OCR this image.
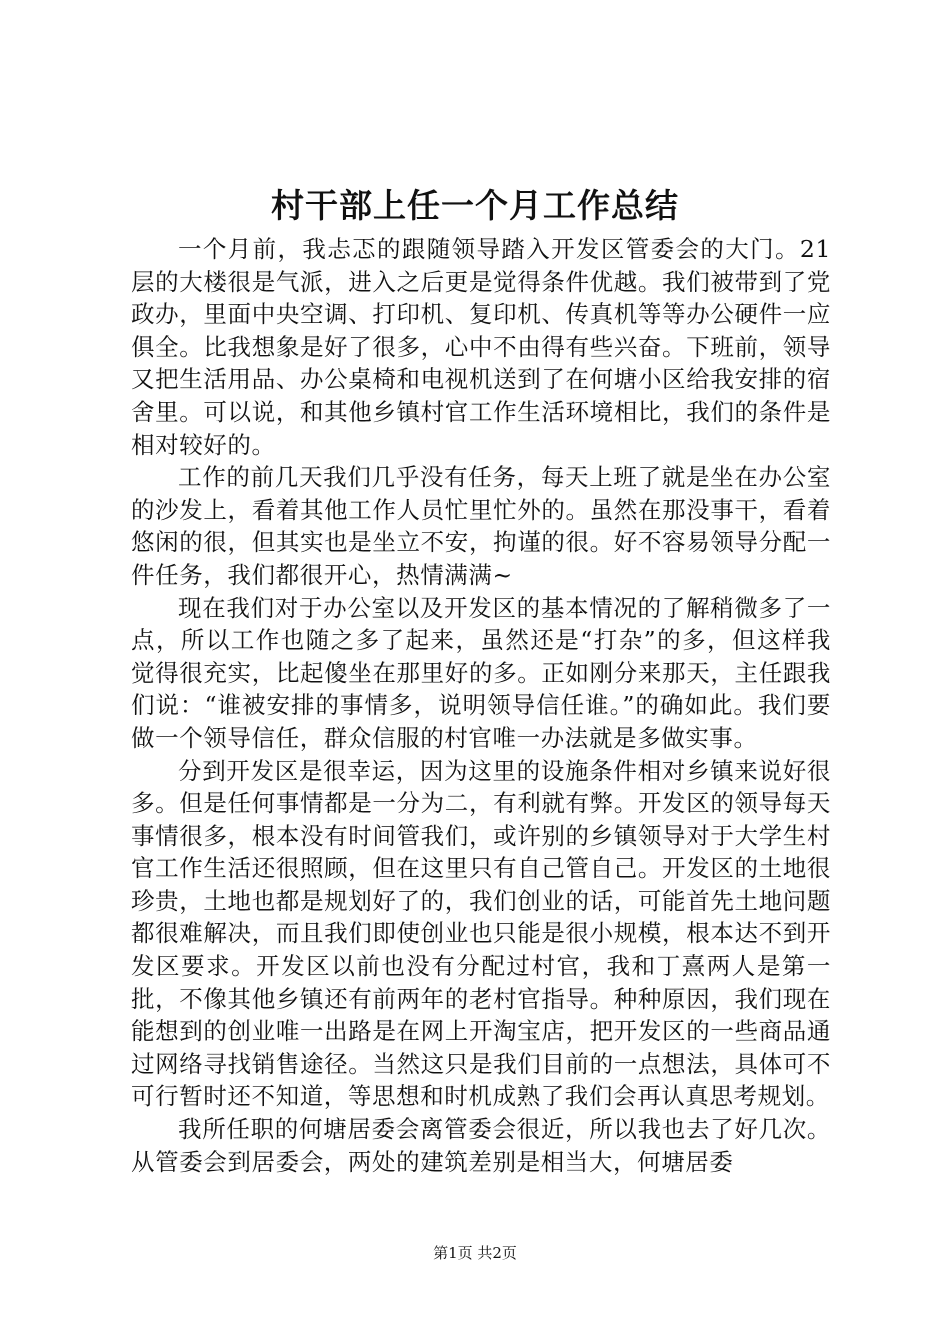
村干部上任一个月工作总结

一个月前，我忐忑的跟随领导踏入开发区管委会的大门。21层的大楼很是气派，进入之后更是觉得条件优越。我们被带到了党政办，里面中央空调、打印机、复印机、传真机等等办公硬件一应俱全。比我想象是好了很多，心中不由得有些兴奋。下班前，领导又把生活用品、办公桌椅和电视机送到了在何塘小区给我安排的宿舍里。可以说，和其他乡镇村官工作生活环境相比，我们的条件是相对较好的。

工作的前几天我们几乎没有任务，每天上班了就是坐在办公室的沙发上，看着其他工作人员忙里忙外的。虽然在那没事干，看着悠闲的很，但其实也是坐立不安，拘谨的很。好不容易领导分配一件任务，我们都很开心，热情满满~

现在我们对于办公室以及开发区的基本情况的了解稍微多了一点，所以工作也随之多了起来，虽然还是“打杂”的多，但这样我觉得很充实，比起傻坐在那里好的多。正如刚分来那天，主任跟我们说：“谁被安排的事情多，说明领导信任谁。”的确如此。我们要做一个领导信任，群众信服的村官唯一办法就是多做实事。

分到开发区是很幸运，因为这里的设施条件相对乡镇来说好很多。但是任何事情都是一分为二，有利就有弊。开发区的领导每天事情很多，根本没有时间管我们，或许别的乡镇领导对于大学生村官工作生活还很照顾，但在这里只有自己管自己。开发区的土地很珍贵，土地也都是规划好了的，我们创业的话，可能首先土地问题都很难解决，而且我们即使创业也只能是很小规模，根本达不到开发区要求。开发区以前也没有分配过村官，我和丁熹两人是第一批，不像其他乡镇还有前两年的老村官指导。种种原因，我们现在能想到的创业唯一出路是在网上开淘宝店，把开发区的一些商品通过网络寻找销售途径。当然这只是我们目前的一点想法，具体可不可行暂时还不知道，等思想和时机成熟了我们会再认真思考规划。

我所任职的何塘居委会离管委会很近，所以我也去了好几次。从管委会到居委会，两处的建筑差别是相当大，何塘居委

第1页 共2页
